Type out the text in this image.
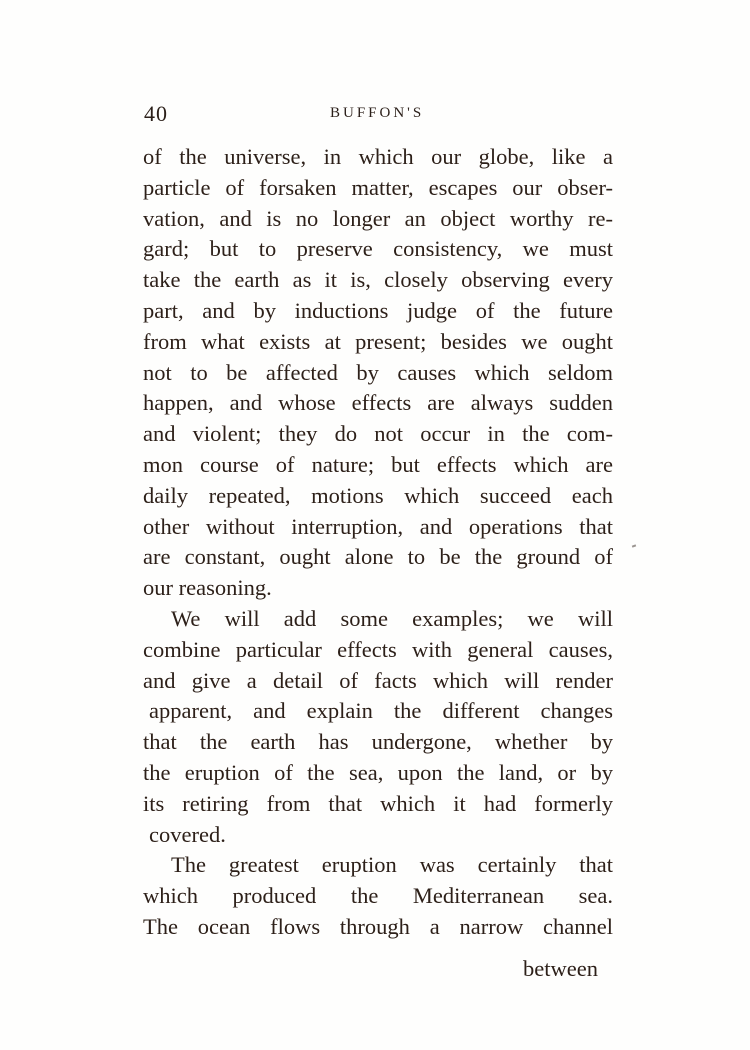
40	BUFFON'S
of the universe, in which our globe, like a
particle of forsaken matter, escapes our obser-
vation, and is no longer an object worthy re-
gard; but to preserve consistency, we must
take the earth as it is, closely observing every
part, and by inductions judge of the future
from what exists at present; besides we ought
not to be affected by causes which seldom
happen, and whose effects are always sudden
and violent; they do not occur in the com-
mon course of nature; but effects which are
daily repeated, motions which succeed each
other without interruption, and operations that
are constant, ought alone to be the ground of
our reasoning.
We will add some examples; we will
combine particular effects with general causes,
and give a detail of facts which will render
apparent, and explain the different changes
that the earth has undergone, whether by
the eruption of the sea, upon the land, or by
its retiring from that which it had formerly
covered.
The greatest eruption was certainly that
which produced the Mediterranean sea.
The ocean flows through a narrow channel
between
